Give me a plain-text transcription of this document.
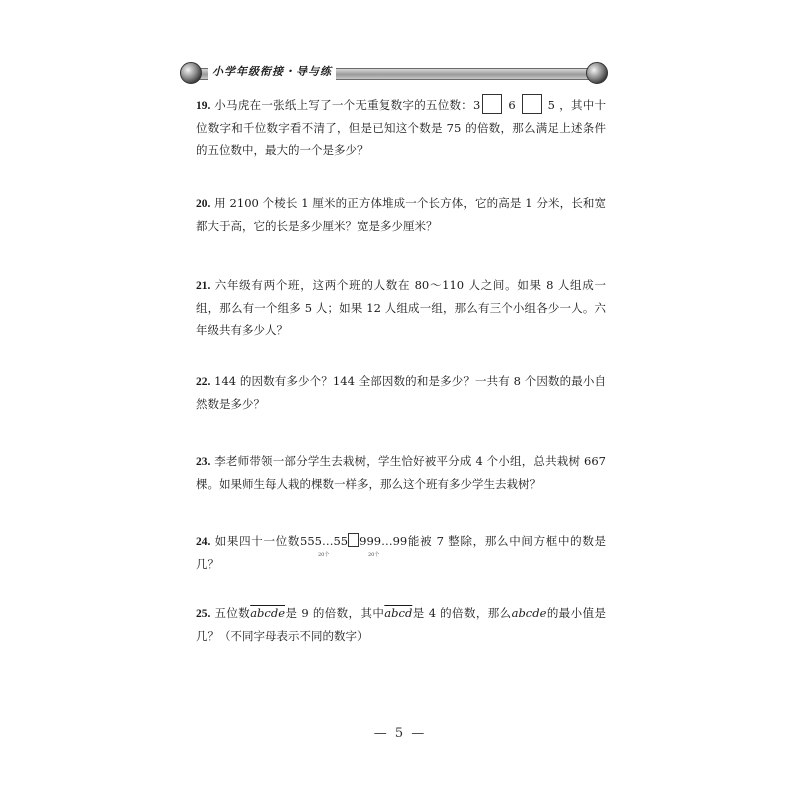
小学年级衔接・导与练
19. 小马虎在一张纸上写了一个无重复数字的五位数：3 6	5 ，其中十位数字和千位数字看不清了，但是已知这个数是 75 的倍数，那么满足上述条件的五位数中，最大的一个是多少？
20. 用 2100 个棱长 1 厘米的正方体堆成一个长方体，它的高是 1 分米，长和宽都大于高，它的长是多少厘米？宽是多少厘米？
21. 六年级有两个班，这两个班的人数在 80～110 人之间。如果 8 人组成一组，那么有一个组多 5 人；如果 12 人组成一组，那么有三个小组各少一人。六年级共有多少人？
22. 144 的因数有多少个？144 全部因数的和是多少？一共有 8 个因数的最小自然数是多少？
23. 李老师带领一部分学生去栽树，学生恰好被平分成 4 个小组，总共栽树 667 棵。如果师生每人栽的棵数一样多，那么这个班有多少学生去栽树？
24. 如果四十一位数555…55 999…99能被 7 整除，那么中间方框中的数是几？
20个	20个
25. 五位数abcde是 9 的倍数，其中abcd是 4 的倍数，那么abcde的最小值是几？（不同字母表示不同的数字）
— 5 —
